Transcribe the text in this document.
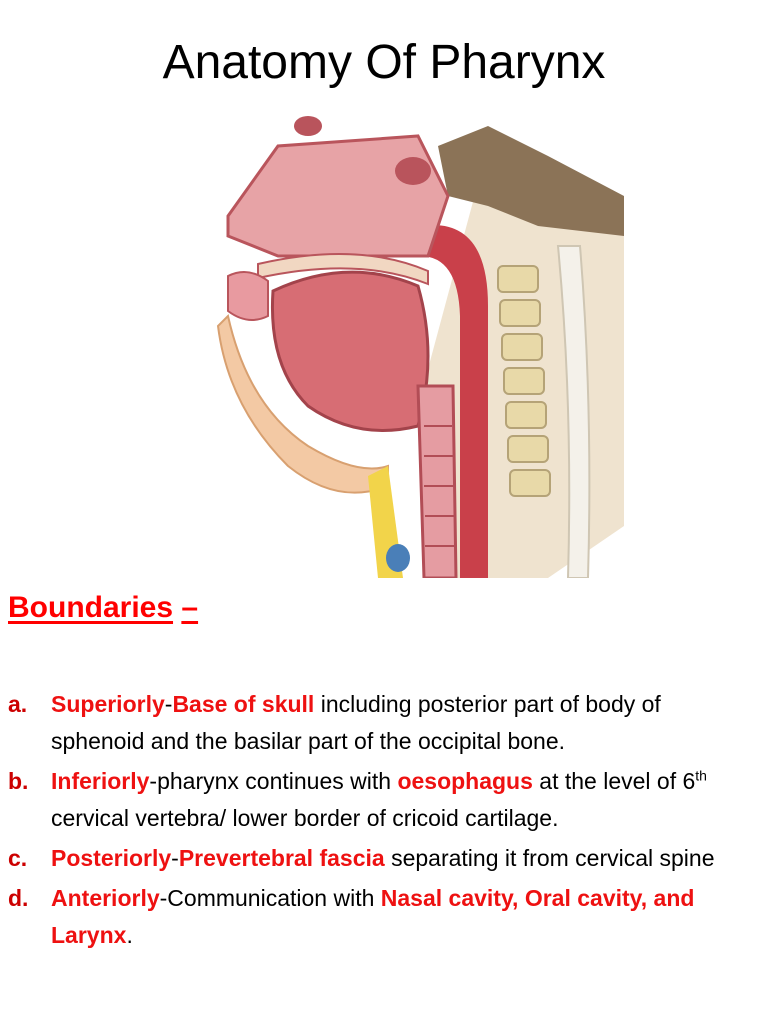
Anatomy Of Pharynx
Boundaries –
a. Superiorly-Base of skull including posterior part of body of sphenoid and the basilar part of the occipital bone.
b. Inferiorly-pharynx continues with oesophagus at the level of 6th cervical vertebra/ lower border of cricoid cartilage.
c. Posteriorly-Prevertebral fascia separating it from cervical spine
d. Anteriorly-Communication with Nasal cavity, Oral cavity, and Larynx.
